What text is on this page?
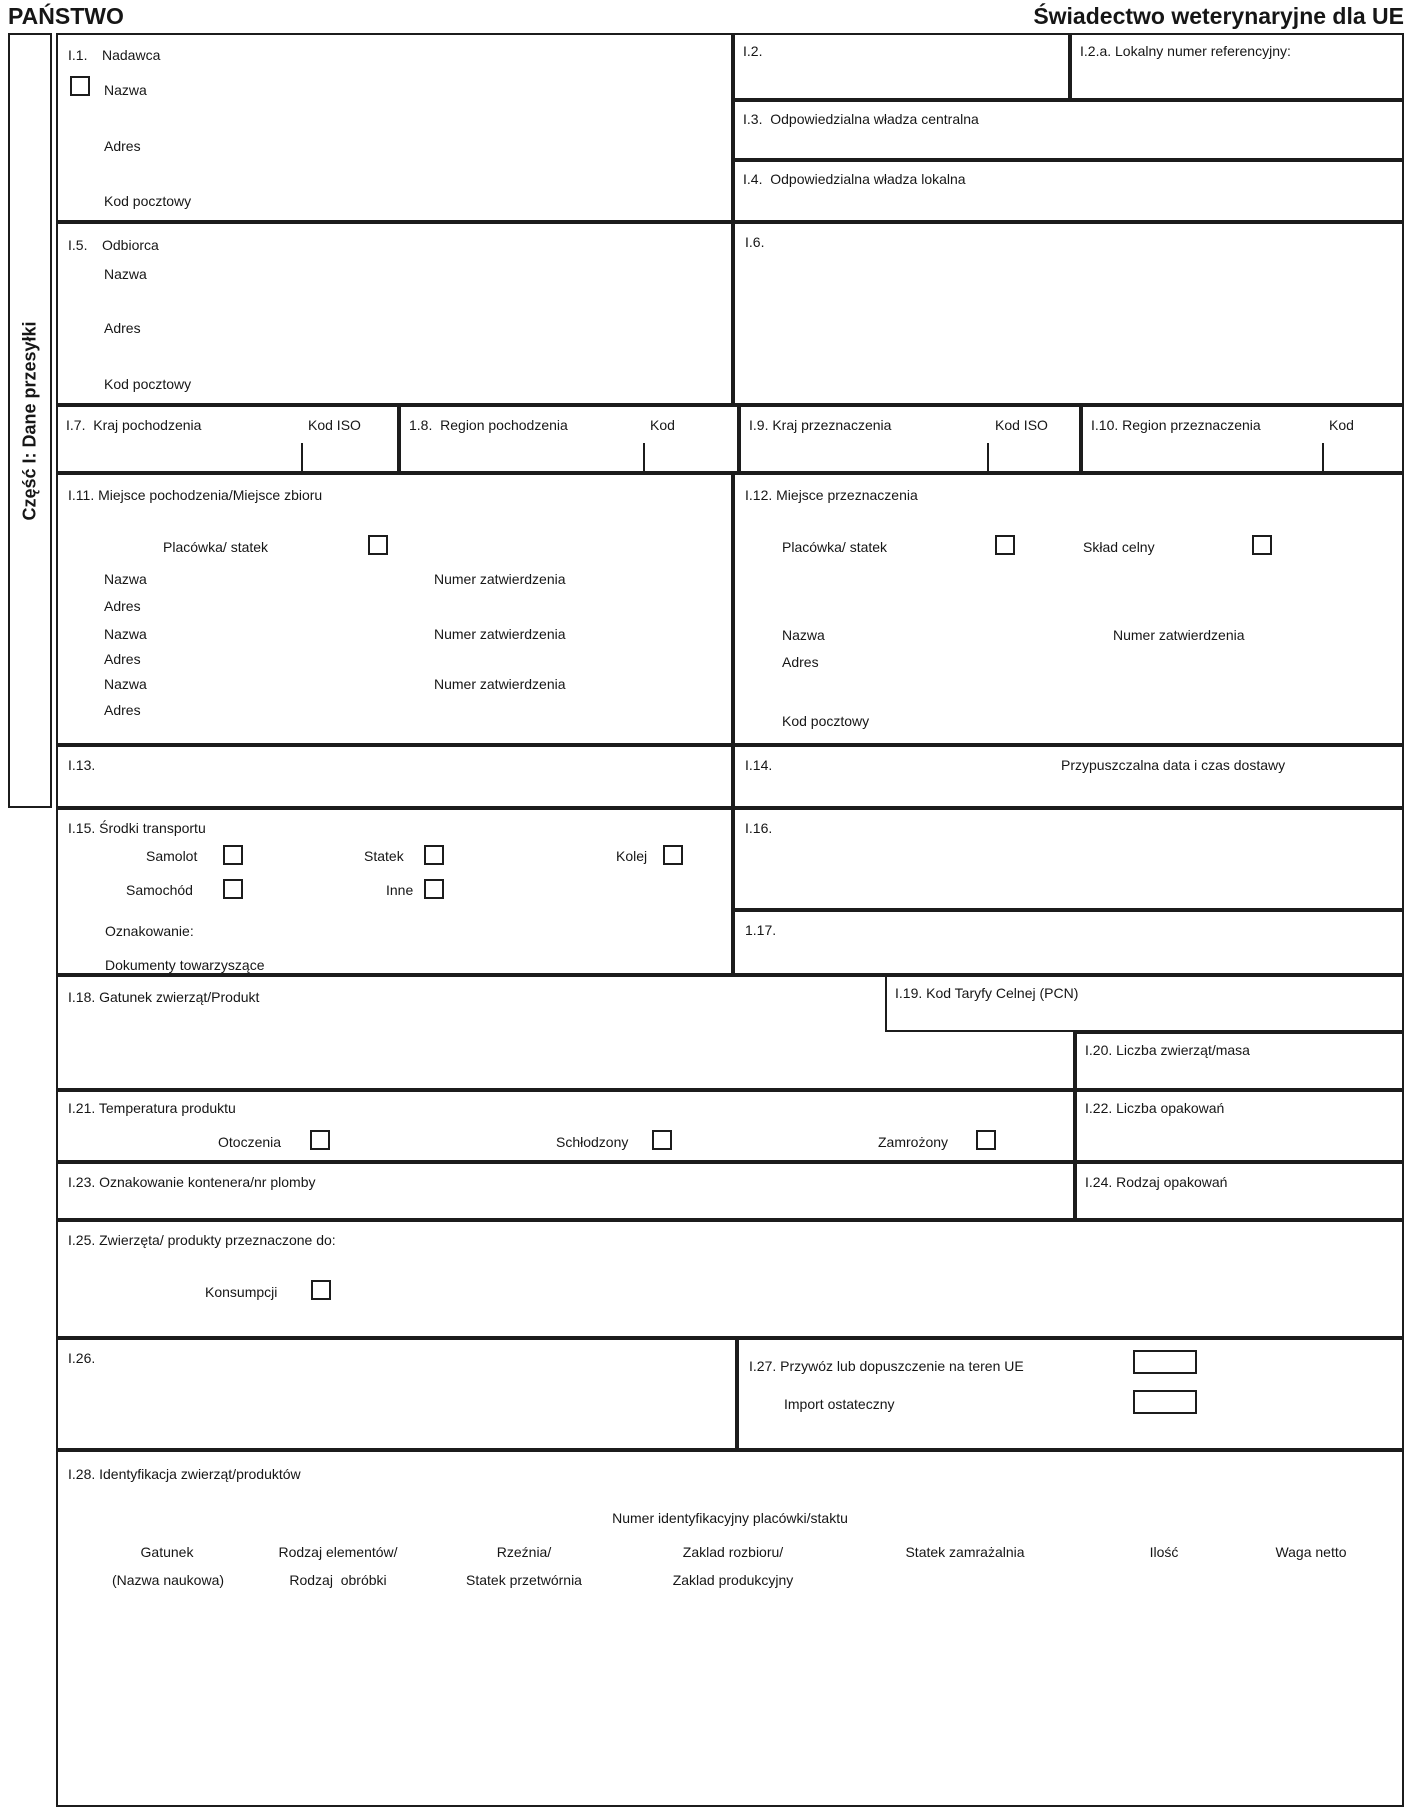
PAŃSTWO	Świadectwo weterynaryjne dla UE
Część I: Dane przesyłki
I.1. Nadawca
Nazwa
Adres
Kod pocztowy
I.2.	I.2.a. Lokalny numer referencyjny:
I.3.  Odpowiedzialna władza centralna
I.4.  Odpowiedzialna władza lokalna
I.5. Odbiorca
Nazwa
Adres
Kod pocztowy
I.6.
I.7.  Kraj pochodzenia	Kod ISO	1.8.  Region pochodzenia	Kod	I.9. Kraj przeznaczenia	Kod ISO	I.10. Region przeznaczenia	Kod
I.11. Miejsce pochodzenia/Miejsce zbioru
Placówka/ statek
Nazwa	Numer zatwierdzenia
Adres
Nazwa	Numer zatwierdzenia
Adres
Nazwa	Numer zatwierdzenia
Adres
I.12. Miejsce przeznaczenia
Placówka/ statek	Skład celny
Nazwa	Numer zatwierdzenia
Adres
Kod pocztowy
I.13.	I.14.	Przypuszczalna data i czas dostawy
I.15. Środki transportu
Samolot	Statek	Kolej
Samochód	Inne
Oznakowanie:
Dokumenty towarzyszące
I.16.
1.17.
I.18. Gatunek zwierząt/Produkt
I.20. Liczba zwierząt/masa
I.19. Kod Taryfy Celnej (PCN)
I.21. Temperatura produktu
Otoczenia	Schłodzony	Zamrożony
I.22. Liczba opakowań
I.23. Oznakowanie kontenera/nr plomby	I.24. Rodzaj opakowań
I.25. Zwierzęta/ produkty przeznaczone do:
Konsumpcji
I.26.	I.27. Przywóz lub dopuszczenie na teren UE
Import ostateczny
I.28. Identyfikacja zwierząt/produktów
Numer identyfikacyjny placówki/staktu
Gatunek	Rodzaj elementów/	Rzeźnia/	Zaklad rozbioru/	Statek zamrażalnia	Ilość	Waga netto
(Nazwa naukowa)	Rodzaj  obróbki	Statek przetwórnia	Zaklad produkcyjny
